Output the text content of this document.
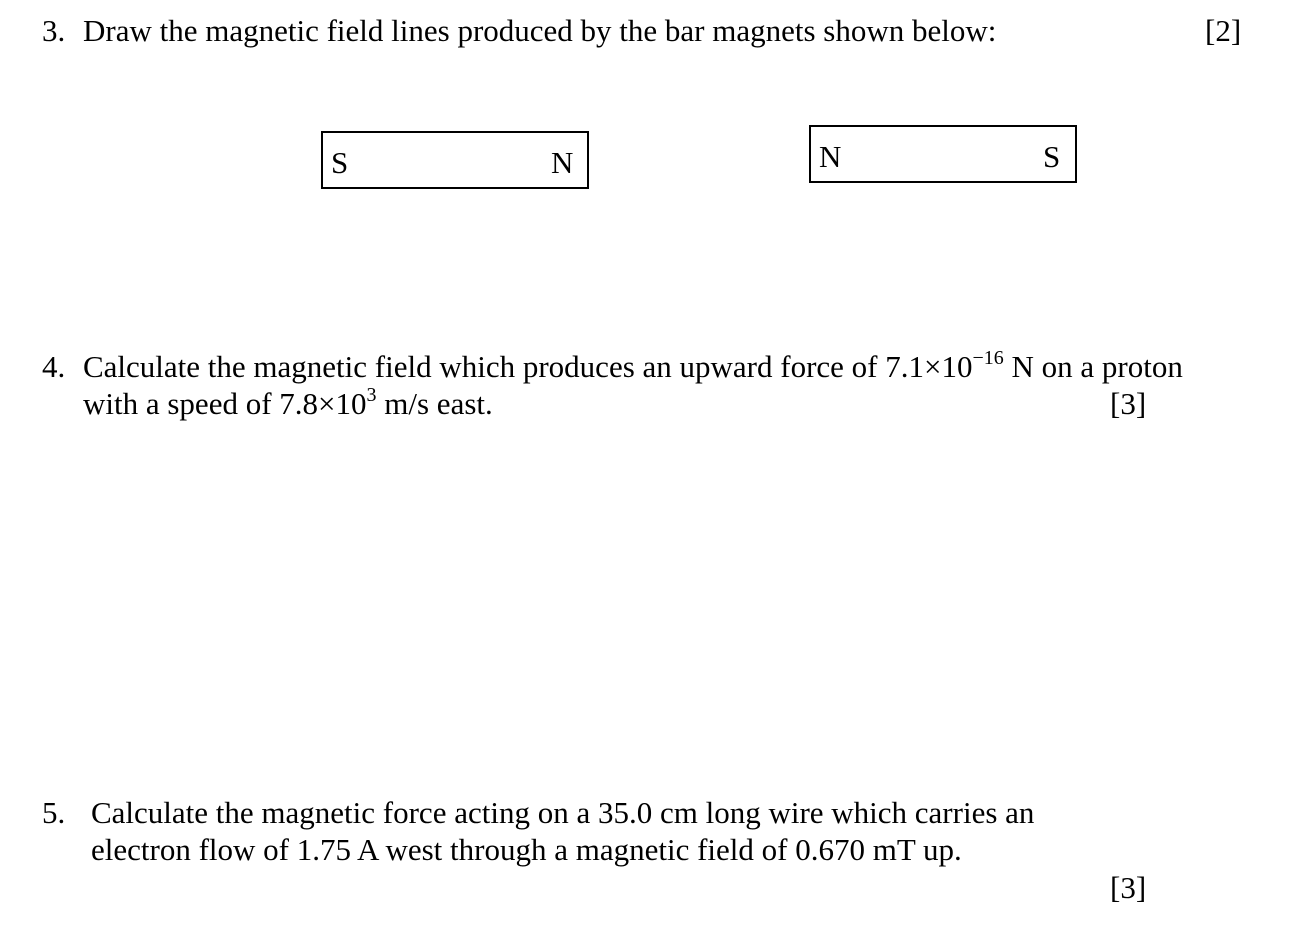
3. Draw the magnetic field lines produced by the bar magnets shown below:	[2]
S	N	N	S
4. Calculate the magnetic field which produces an upward force of $7.1\times 10^{-16}$ N on a proton
with a speed of $7.8\times 10^3$ m/s east.	[3]
5. Calculate the magnetic force acting on a 35.0 cm long wire which carries an
electron flow of 1.75 A west through a magnetic field of 0.670 mT up.
[3]
